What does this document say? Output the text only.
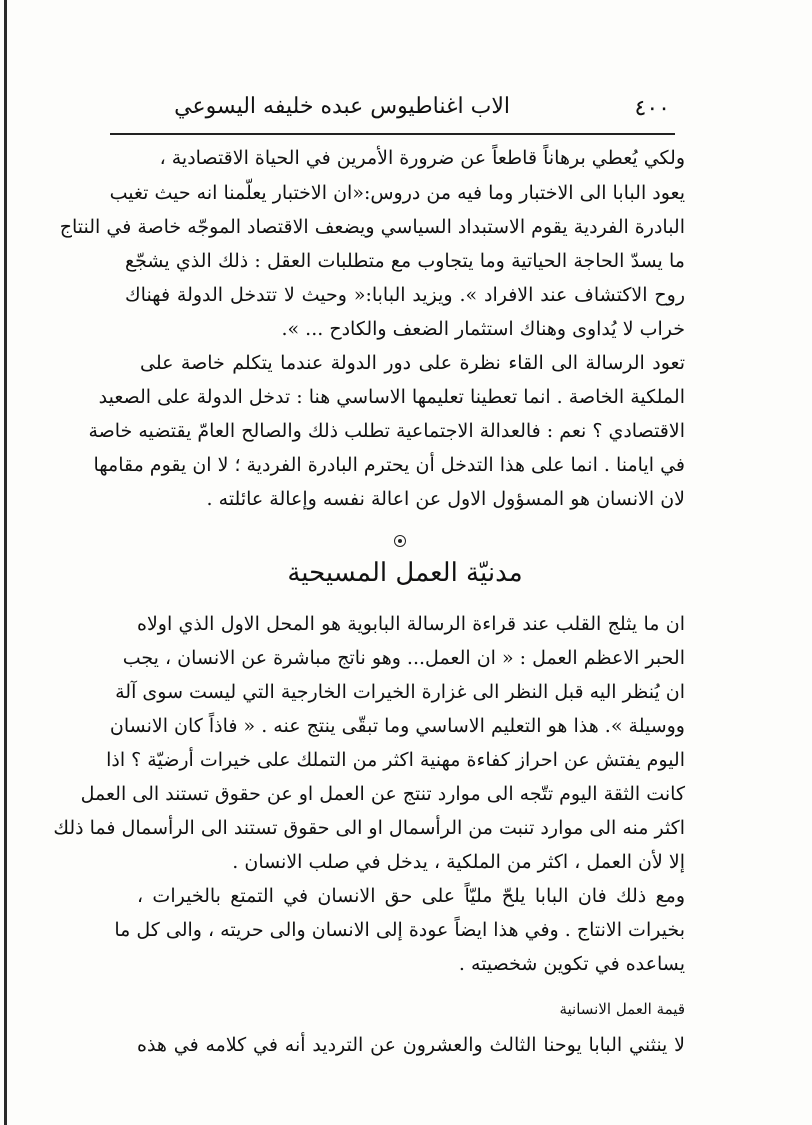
٤٠٠
الاب اغناطيوس عبده خليفه اليسوعي
ولكي يُعطي برهاناً قاطعاً عن ضرورة الأمرين في الحياة الاقتصادية ،
يعود البابا الى الاختبار وما فيه من دروس:«ان الاختبار يعلّمنا انه حيث تغيب
البادرة الفردية يقوم الاستبداد السياسي ويضعف الاقتصاد الموجّه خاصة في النتاج
ما يسدّ الحاجة الحياتية وما يتجاوب مع متطلبات العقل : ذلك الذي يشجّع
روح الاكتشاف عند الافراد ». ويزيد البابا:« وحيث لا تتدخل الدولة فهناك
خراب لا يُداوى وهناك استثمار الضعف والكادح ... ».
تعود الرسالة الى القاء نظرة على دور الدولة عندما يتكلم خاصة على
الملكية الخاصة . انما تعطينا تعليمها الاساسي هنا : تدخل الدولة على الصعيد
الاقتصادي ؟ نعم : فالعدالة الاجتماعية تطلب ذلك والصالح العامّ يقتضيه خاصة
في ايامنا . انما على هذا التدخل أن يحترم البادرة الفردية ؛ لا ان يقوم مقامها
لان الانسان هو المسؤول الاول عن اعالة نفسه وإعالة عائلته .
مدنيّة العمل المسيحية
ان ما يثلج القلب عند قراءة الرسالة البابوية هو المحل الاول الذي اولاه
الحبر الاعظم العمل : « ان العمل... وهو ناتج مباشرة عن الانسان ، يجب
ان يُنظر اليه قبل النظر الى غزارة الخيرات الخارجية التي ليست سوى آلة
ووسيلة ». هذا هو التعليم الاساسي وما تبقّى ينتج عنه . « فاذاً كان الانسان
اليوم يفتش عن احراز كفاءة مهنية اكثر من التملك على خيرات أرضيّة ؟ اذا
كانت الثقة اليوم تتّجه الى موارد تنتج عن العمل او عن حقوق تستند الى العمل
اكثر منه الى موارد تنبت من الرأسمال او الى حقوق تستند الى الرأسمال فما ذلك
إلا لأن العمل ، اكثر من الملكية ، يدخل في صلب الانسان .
ومع ذلك فان البابا يلحّ مليّاً على حق الانسان في التمتع بالخيرات ،
بخيرات الانتاج . وفي هذا ايضاً عودة إلى الانسان والى حريته ، والى كل ما
يساعده في تكوين شخصيته .
قيمة العمل الانسانية
لا ينثني البابا يوحنا الثالث والعشرون عن الترديد أنه في كلامه في هذه
